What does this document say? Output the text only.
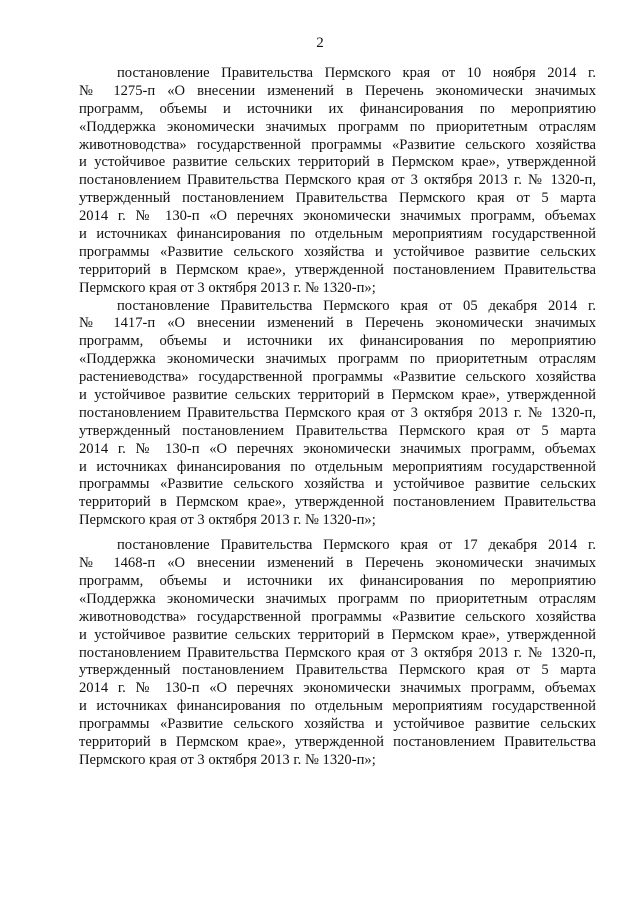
2
постановление Правительства Пермского края от 10 ноября 2014 г.
№ 1275-п «О внесении изменений в Перечень экономически значимых
программ, объемы и источники их финансирования по мероприятию
«Поддержка экономически значимых программ по приоритетным отраслям
животноводства» государственной программы «Развитие сельского хозяйства
и устойчивое развитие сельских территорий в Пермском крае», утвержденной
постановлением Правительства Пермского края от 3 октября 2013 г. № 1320-п,
утвержденный постановлением Правительства Пермского края от 5 марта
2014 г. № 130-п «О перечнях экономически значимых программ, объемах
и источниках финансирования по отдельным мероприятиям государственной
программы «Развитие сельского хозяйства и устойчивое развитие сельских
территорий в Пермском крае», утвержденной постановлением Правительства
Пермского края от 3 октября 2013 г. № 1320-п»;
постановление Правительства Пермского края от 05 декабря 2014 г.
№ 1417-п «О внесении изменений в Перечень экономически значимых
программ, объемы и источники их финансирования по мероприятию
«Поддержка экономически значимых программ по приоритетным отраслям
растениеводства» государственной программы «Развитие сельского хозяйства
и устойчивое развитие сельских территорий в Пермском крае», утвержденной
постановлением Правительства Пермского края от 3 октября 2013 г. № 1320-п,
утвержденный постановлением Правительства Пермского края от 5 марта
2014 г. № 130-п «О перечнях экономически значимых программ, объемах
и источниках финансирования по отдельным мероприятиям государственной
программы «Развитие сельского хозяйства и устойчивое развитие сельских
территорий в Пермском крае», утвержденной постановлением Правительства
Пермского края от 3 октября 2013 г. № 1320-п»;
постановление Правительства Пермского края от 17 декабря 2014 г.
№ 1468-п «О внесении изменений в Перечень экономически значимых
программ, объемы и источники их финансирования по мероприятию
«Поддержка экономически значимых программ по приоритетным отраслям
животноводства» государственной программы «Развитие сельского хозяйства
и устойчивое развитие сельских территорий в Пермском крае», утвержденной
постановлением Правительства Пермского края от 3 октября 2013 г. № 1320-п,
утвержденный постановлением Правительства Пермского края от 5 марта
2014 г. № 130-п «О перечнях экономически значимых программ, объемах
и источниках финансирования по отдельным мероприятиям государственной
программы «Развитие сельского хозяйства и устойчивое развитие сельских
территорий в Пермском крае», утвержденной постановлением Правительства
Пермского края от 3 октября 2013 г. № 1320-п»;
